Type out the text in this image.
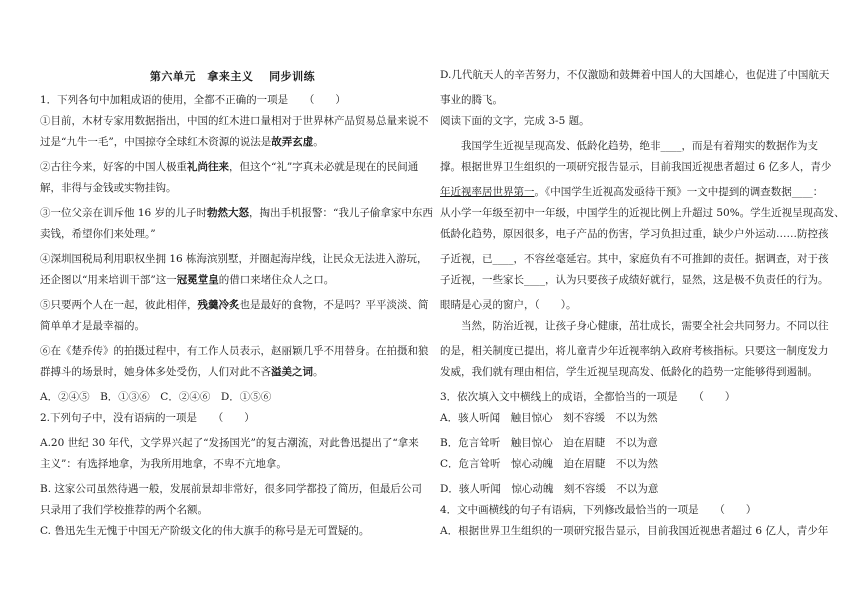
第六单元　拿来主义　 同步训练
1．下列各句中加粗成语的使用，全都不正确的一项是　　（　　）
①目前，木材专家用数据指出，中国的红木进口量相对于世界林产品贸易总量来说不
过是“九牛一毛”，中国掠夺全球红木资源的说法是故弄玄虚。
②古往今来，好客的中国人极重礼尚往来，但这个“礼”字真未必就是现在的民间通
解，非得与金钱或实物挂钩。
③一位父亲在训斥他 16 岁的儿子时勃然大怒，掏出手机报警：“我儿子偷拿家中东西
卖钱，希望你们来处理。”
④深圳国税局利用职权坐拥 16 栋海滨别墅，并圈起海岸线，让民众无法进入游玩，
还企图以“用来培训干部”这一冠冕堂皇的借口来堵住众人之口。
⑤只要两个人在一起，彼此相伴，残羹冷炙也是最好的食物，不是吗？平平淡淡、简
简单单才是最幸福的。
⑥在《楚乔传》的拍摄过程中，有工作人员表示，赵丽颖几乎不用替身。在拍摄和狼
群搏斗的场景时，她身体多处受伤，人们对此不吝溢美之词。
A．②④⑤　B．①③⑥　C．②④⑥　D．①⑤⑥
2.下列句子中，没有语病的一项是　　（　　）
A.20 世纪 30 年代，文学界兴起了“发扬国光”的复古潮流，对此鲁迅提出了“拿来
主义”：有选择地拿，为我所用地拿，不卑不亢地拿。
B. 这家公司虽然待遇一般，发展前景却非常好，很多同学都投了简历，但最后公司
只录用了我们学校推荐的两个名额。
C. 鲁迅先生无愧于中国无产阶级文化的伟大旗手的称号是无可置疑的。
D.几代航天人的辛苦努力，不仅激励和鼓舞着中国人的大国雄心，也促进了中国航天
事业的腾飞。
阅读下面的文字，完成 3-5 题。
我国学生近视呈现高发、低龄化趋势，绝非____，而是有着翔实的数据作为支
撑。根据世界卫生组织的一项研究报告显示，目前我国近视患者超过 6 亿多人，青少
年近视率居世界第一。《中国学生近视高发亟待干预》一文中提到的调查数据____：
从小学一年级至初中一年级，中国学生的近视比例上升超过 50%。学生近视呈现高发、
低龄化趋势，原因很多，电子产品的伤害，学习负担过重，缺少户外运动……防控孩
子近视，已____，不容丝毫延宕。其中，家庭负有不可推卸的责任。据调查，对于孩
子近视，一些家长____，认为只要孩子成绩好就行，显然，这是极不负责任的行为。
眼睛是心灵的窗户，（　　）。
当然，防治近视，让孩子身心健康，茁壮成长，需要全社会共同努力。不同以往
的是，相关制度已提出，将儿童青少年近视率纳入政府考核指标。只要这一制度发力
发威，我们就有理由相信，学生近视呈现高发、低龄化的趋势一定能够得到遏制。
3．依次填入文中横线上的成语，全都恰当的一项是　　（　　）
A．骇人听闻　触目惊心　刻不容缓　不以为然
B．危言耸听　触目惊心　迫在眉睫　不以为意
C．危言耸听　惊心动魄　迫在眉睫　不以为然
D．骇人听闻　惊心动魄　刻不容缓　不以为意
4．文中画横线的句子有语病，下列修改最恰当的一项是　　（　　）
A．根据世界卫生组织的一项研究报告显示，目前我国近视患者超过 6 亿人，青少年
